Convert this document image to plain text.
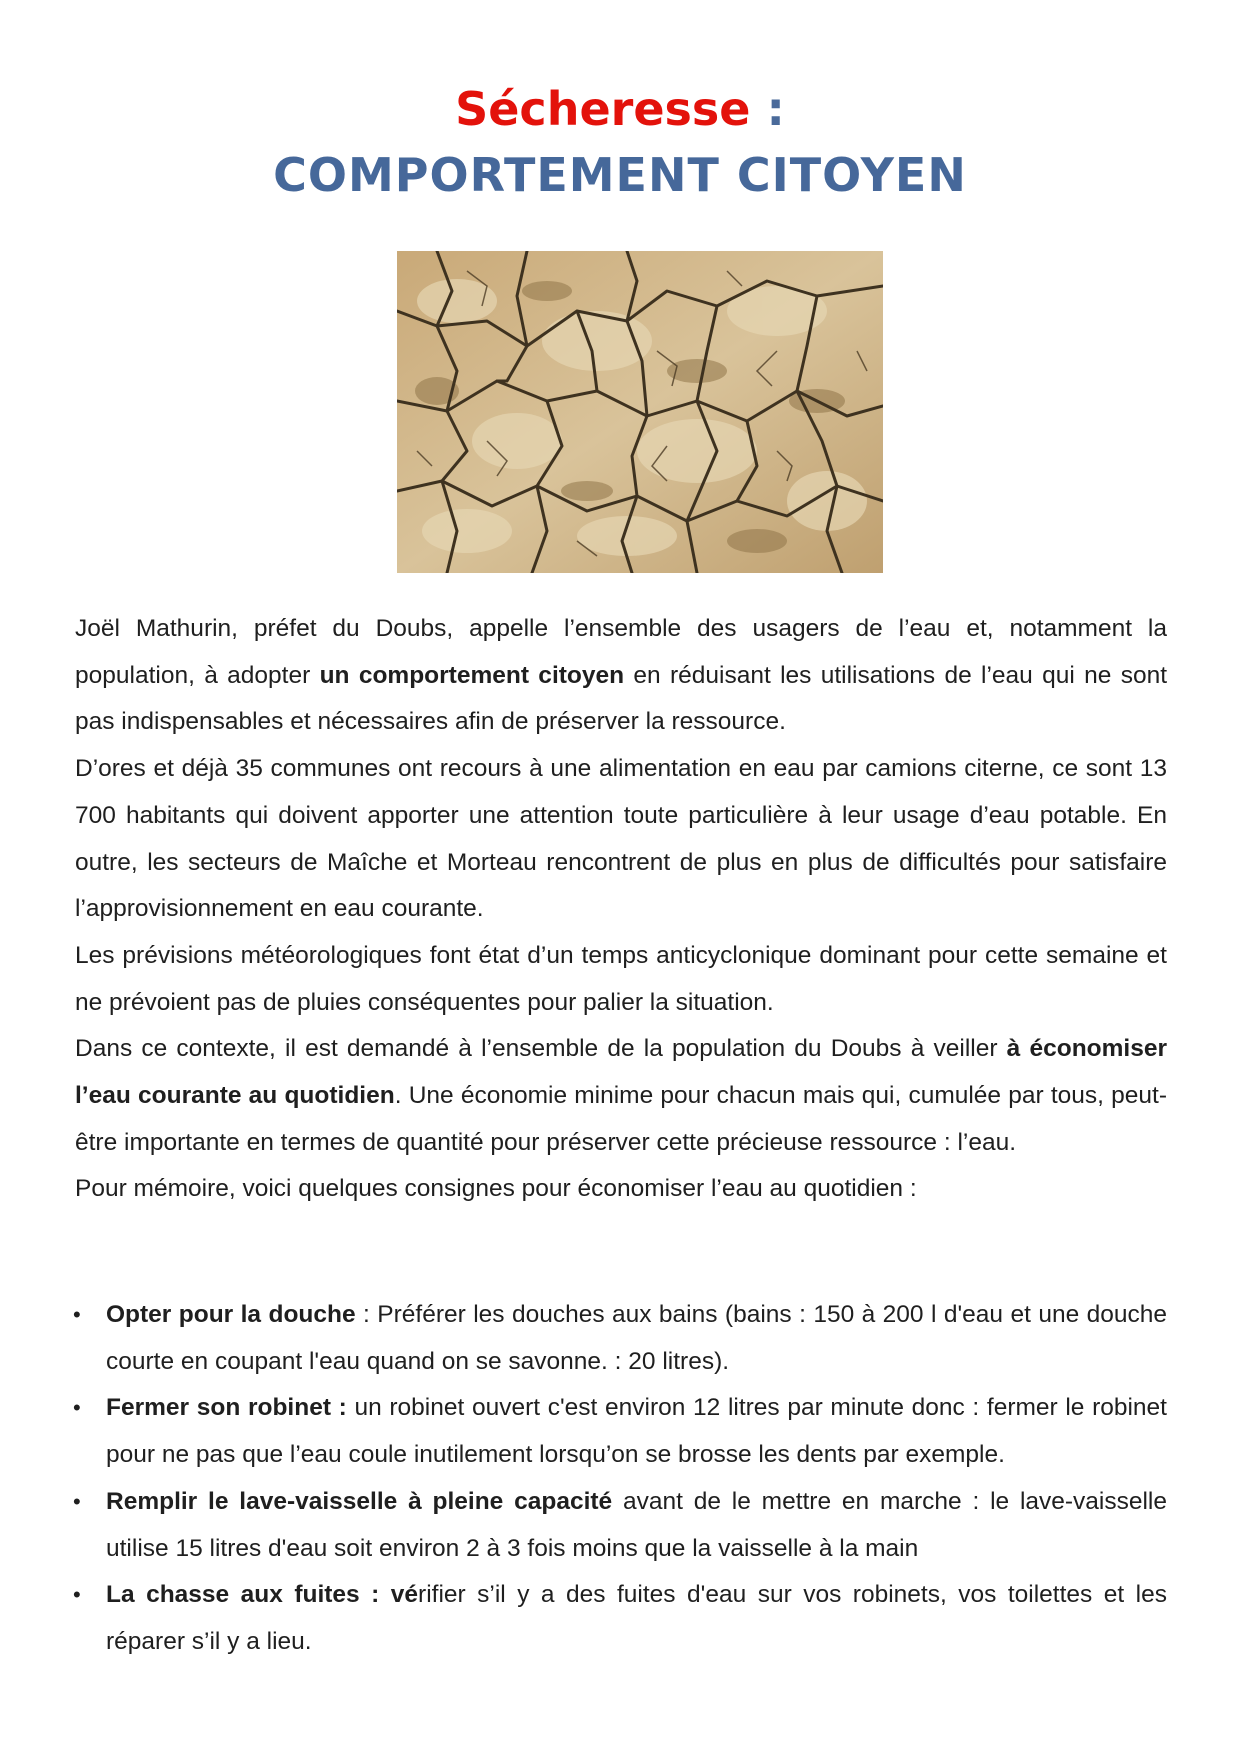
Sécheresse :
COMPORTEMENT CITOYEN

Joël Mathurin, préfet du Doubs, appelle l’ensemble des usagers de l’eau et, notamment la population, à adopter un comportement citoyen en réduisant les utilisations de l’eau qui ne sont pas indispensables et nécessaires afin de préserver la ressource.

D’ores et déjà 35 communes ont recours à une alimentation en eau par camions citerne, ce sont 13 700 habitants qui doivent apporter une attention toute particulière à leur usage d’eau potable. En outre, les secteurs de Maîche et Morteau rencontrent de plus en plus de difficultés pour satisfaire l’approvisionnement en eau courante.

Les prévisions météorologiques font état d’un temps anticyclonique dominant pour cette semaine et ne prévoient pas de pluies conséquentes pour palier la situation.

Dans ce contexte, il est demandé à l’ensemble de la population du Doubs à veiller à économiser l’eau courante au quotidien. Une économie minime pour chacun mais qui, cumulée par tous, peut- être importante en termes de quantité pour préserver cette précieuse ressource : l’eau.

Pour mémoire, voici quelques consignes pour économiser l’eau au quotidien :

• Opter pour la douche : Préférer les douches aux bains (bains : 150 à 200 l d'eau et une douche courte en coupant l'eau quand on se savonne. : 20 litres).
• Fermer son robinet : un robinet ouvert c'est environ 12 litres par minute donc : fermer le robinet pour ne pas que l’eau coule inutilement lorsqu’on se brosse les dents par exemple.
• Remplir le lave-vaisselle à pleine capacité avant de le mettre en marche : le lave-vaisselle utilise 15 litres d'eau soit environ 2 à 3 fois moins que la vaisselle à la main
• La chasse aux fuites : vérifier s’il y a des fuites d'eau sur vos robinets, vos toilettes et les réparer s’il y a lieu.
